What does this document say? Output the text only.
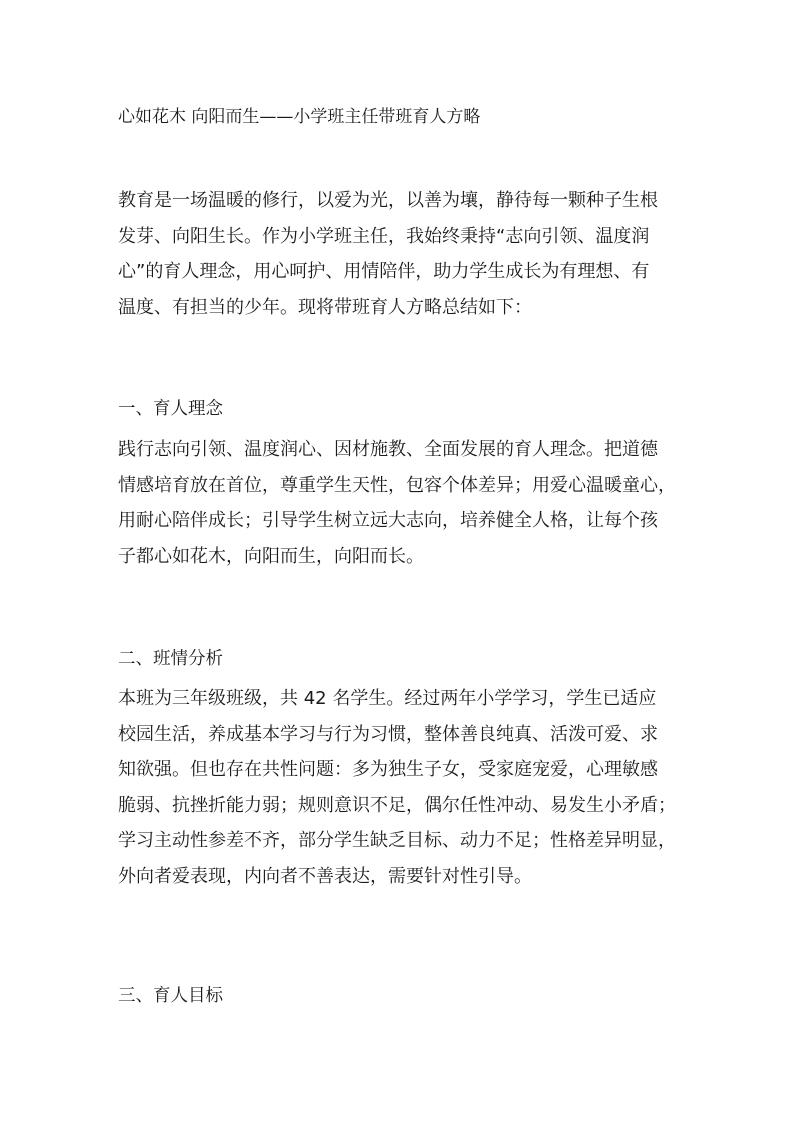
心如花木 向阳而生——小学班主任带班育人方略
教育是一场温暖的修行，以爱为光，以善为壤，静待每一颗种子生根
发芽、向阳生长。作为小学班主任，我始终秉持“志向引领、温度润
心”的育人理念，用心呵护、用情陪伴，助力学生成长为有理想、有
温度、有担当的少年。现将带班育人方略总结如下：
一、育人理念
践行志向引领、温度润心、因材施教、全面发展的育人理念。把道德
情感培育放在首位，尊重学生天性，包容个体差异；用爱心温暖童心，
用耐心陪伴成长；引导学生树立远大志向，培养健全人格，让每个孩
子都心如花木，向阳而生，向阳而长。
二、班情分析
本班为三年级班级，共 42 名学生。经过两年小学学习，学生已适应
校园生活，养成基本学习与行为习惯，整体善良纯真、活泼可爱、求
知欲强。但也存在共性问题：多为独生子女，受家庭宠爱，心理敏感
脆弱、抗挫折能力弱；规则意识不足，偶尔任性冲动、易发生小矛盾；
学习主动性参差不齐，部分学生缺乏目标、动力不足；性格差异明显，
外向者爱表现，内向者不善表达，需要针对性引导。
三、育人目标
